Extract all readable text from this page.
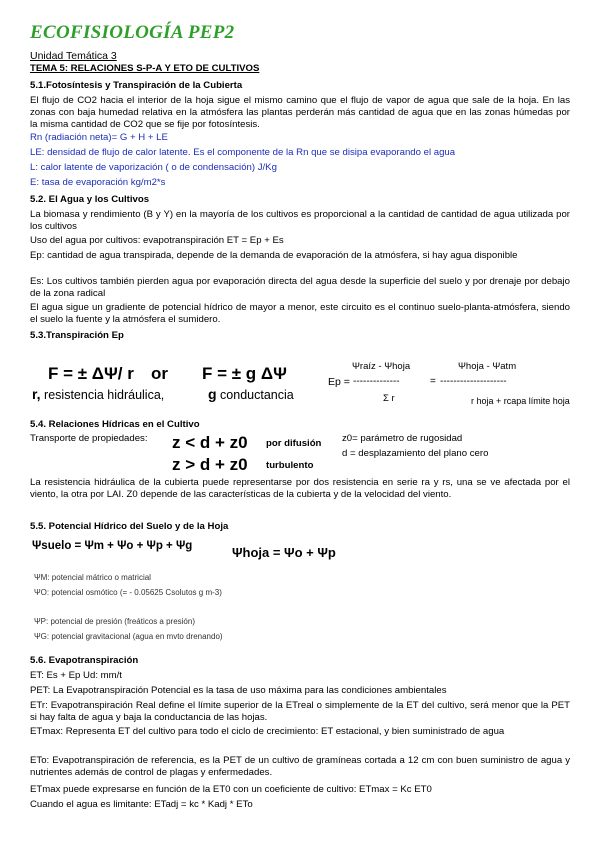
ECOFISIOLOGÍA PEP2
Unidad Temática 3
TEMA 5: RELACIONES S-P-A Y ETO DE CULTIVOS
5.1.Fotosíntesis y Transpiración de la Cubierta
El flujo de CO2 hacia el interior de la hoja sigue el mismo camino que el flujo de vapor de agua que sale de la hoja. En las zonas con baja humedad relativa en la atmósfera las plantas perderán más cantidad de agua que en las zonas húmedas por la misma cantidad de CO2 que se fije por fotosíntesis.
Rn (radiación neta)= G + H + LE
LE: densidad de flujo de calor latente. Es el componente de la Rn que se disipa evaporando el agua
L: calor latente de vaporización ( o de condensación) J/Kg
E: tasa de evaporación kg/m2*s
5.2. El Agua y los Cultivos
La biomasa y rendimiento (B y Y) en la mayoría de los cultivos es proporcional a la cantidad de cantidad de agua utilizada por los cultivos
Uso del agua por cultivos: evapotranspiración ET = Ep + Es
Ep: cantidad de agua transpirada, depende de la demanda de evaporación de la atmósfera, si hay agua disponible
Es: Los cultivos también pierden agua por evaporación directa del agua desde la superficie del suelo y por drenaje por debajo de la zona radical
El agua sigue un gradiente de potencial hídrico de mayor a menor, este circuito es el continuo suelo-planta-atmósfera, siendo el suelo la fuente y la atmósfera el sumidero.
5.3.Transpiración Ep
F = ± ΔΨ/ r or F = ± g ΔΨ
r, resistencia hidráulica,	g conductancia
Ψraíz - Ψhoja
Ep = --------------	= --------------------
Σ r
Ψhoja - Ψatm
r hoja + rcapa límite hoja
5.4. Relaciones Hídricas en el Cultivo
Transporte de propiedades: z < d + z0 por difusión
z > d + z0 turbulento
z0= parámetro de rugosidad
d = desplazamiento del plano cero
La resistencia hidráulica de la cubierta puede representarse por dos resistencia en serie ra y rs, una se ve afectada por el viento, la otra por LAI. Z0 depende de las características de la cubierta y de la velocidad del viento.
5.5. Potencial Hídrico del Suelo y de la Hoja
Ψsuelo = Ψm + Ψo + Ψp + Ψg	Ψhoja = Ψo + Ψp
ΨM: potencial mátrico o matricial
ΨO: potencial osmótico (= - 0.05625 Csolutos g m-3)
ΨP: potencial de presión (freáticos a presión)
ΨG: potencial gravitacional (agua en mvto drenando)
5.6. Evapotranspiración
ET: Es + Ep Ud: mm/t
PET: La Evapotranspiración Potencial es la tasa de uso máxima para las condiciones ambientales
ETr: Evapotranspiración Real define el límite superior de la ETreal o simplemente de la ET del cultivo, será menor que la PET si hay falta de agua y baja la conductancia de las hojas.
ETmax: Representa ET del cultivo para todo el ciclo de crecimiento: ET estacional, y bien suministrado de agua
ETo: Evapotranspiración de referencia, es la PET de un cultivo de gramíneas cortada a 12 cm con buen suministro de agua y nutrientes además de control de plagas y enfermedades.
ETmax puede expresarse en función de la ET0 con un coeficiente de cultivo: ETmax = Kc ET0
Cuando el agua es limitante: ETadj = kc * Kadj * ETo
